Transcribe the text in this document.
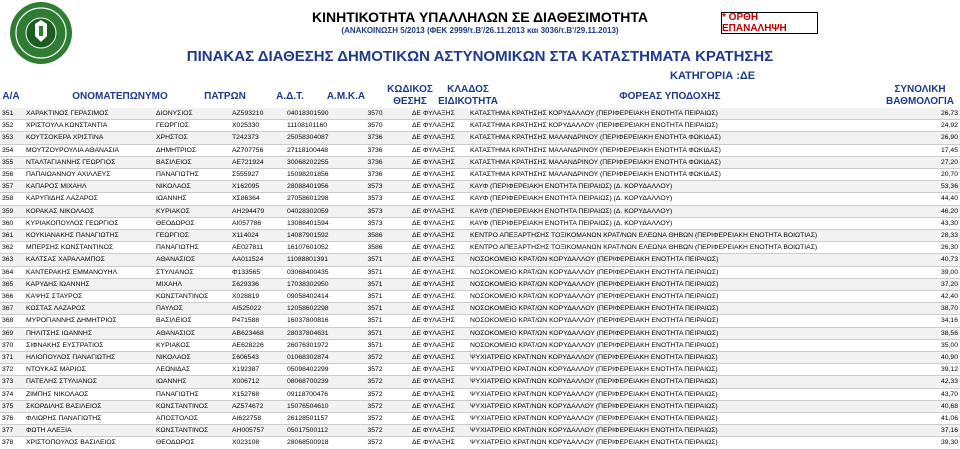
ΚΙΝΗΤΙΚΟΤΗΤΑ ΥΠΑΛΛΗΛΩΝ ΣΕ ΔΙΑΘΕΣΙΜΟΤΗΤΑ
(ΑΝΑΚΟΙΝΩΣΗ 5/2013 (ΦΕΚ 2999/τ.Β'/26.11.2013 και 3036/τ.Β'/29.11.2013)
* ΟΡΘΗ ΕΠΑΝΑΛΗΨΗ
ΠΙΝΑΚΑΣ ΔΙΑΘΕΣΗΣ ΔΗΜΟΤΙΚΩΝ ΑΣΤΥΝΟΜΙΚΩΝ ΣΤΑ ΚΑΤΑΣΤΗΜΑΤΑ ΚΡΑΤΗΣΗΣ
ΚΑΤΗΓΟΡΙΑ :ΔΕ
Α/Α	ΟΝΟΜΑΤΕΠΩΝΥΜΟ	ΠΑΤΡΩΝ	Α.Δ.Τ.	Α.Μ.Κ.Α
ΚΩΔΙΚΟΣ
ΘΕΣΗΣ
ΚΛΑΔΟΣ
ΕΙΔΙΚΟΤΗΤΑ	ΦΟΡΕΑΣ ΥΠΟΔΟΧΗΣ
ΣΥΝΟΛΙΚΗ
ΒΑΘΜΟΛΟΓΙΑ
351	ΧΑΡΑΚΤΙΝΟΣ ΓΕΡΑΣΙΜΟΣ	ΔΙΟΝΥΣΙΟΣ	ΑΖ593210	04018301590	3570	ΔΕ ΦΥΛΑΞΗΣ	ΚΑΤΑΣΤΗΜΑ ΚΡΑΤΗΣΗΣ ΚΟΡΥΔΑΛΛΟΥ (ΠΕΡΙΦΕΡΕΙΑΚΗ ΕΝΟΤΗΤΑ ΠΕΙΡΑΙΩΣ)	26,73
352	ΧΡΙΣΤΟΥΛΑ ΚΩΝΣΤΑΝΤΙΑ	ΓΕΩΡΓΙΟΣ	Χ025330	11108101160	3570	ΔΕ ΦΥΛΑΞΗΣ	ΚΑΤΑΣΤΗΜΑ ΚΡΑΤΗΣΗΣ ΚΟΡΥΔΑΛΛΟΥ (ΠΕΡΙΦΕΡΕΙΑΚΗ ΕΝΟΤΗΤΑ ΠΕΙΡΑΙΩΣ)	24,92
353	ΚΟΥΤΣΟΚΕΡΑ ΧΡΙΣΤΙΝΑ	ΧΡΗΣΤΟΣ	Τ242373	25058304087	3736	ΔΕ ΦΥΛΑΞΗΣ	ΚΑΤΑΣΤΗΜΑ ΚΡΑΤΗΣΗΣ ΜΑΛΑΝΔΡΙΝΟΥ (ΠΕΡΙΦΕΡΕΙΑΚΗ ΕΝΟΤΗΤΑ ΦΩΚΙΔΑΣ)	26,90
354	ΜΟΥΤΖΟΥΡΟΥΛΙΑ ΑΘΑΝΑΣΙΑ	ΔΗΜΗΤΡΙΟΣ	ΑΖ707756	27118100448	3736	ΔΕ ΦΥΛΑΞΗΣ	ΚΑΤΑΣΤΗΜΑ ΚΡΑΤΗΣΗΣ ΜΑΛΑΝΔΡΙΝΟΥ (ΠΕΡΙΦΕΡΕΙΑΚΗ ΕΝΟΤΗΤΑ ΦΩΚΙΔΑΣ)	17,45
355	ΝΤΑΛΤΑΓΙΑΝΝΗΣ ΓΕΩΡΓΙΟΣ	ΒΑΣΙΛΕΙΟΣ	ΑΕ721924	30068202255	3736	ΔΕ ΦΥΛΑΞΗΣ	ΚΑΤΑΣΤΗΜΑ ΚΡΑΤΗΣΗΣ ΜΑΛΑΝΔΡΙΝΟΥ (ΠΕΡΙΦΕΡΕΙΑΚΗ ΕΝΟΤΗΤΑ ΦΩΚΙΔΑΣ)	27,20
356	ΠΑΠΑΙΩΑΝΝΟΥ ΑΧΙΛΛΕΥΣ	ΠΑΝΑΓΙΩΤΗΣ	Σ555927	15098201856	3736	ΔΕ ΦΥΛΑΞΗΣ	ΚΑΤΑΣΤΗΜΑ ΚΡΑΤΗΣΗΣ ΜΑΛΑΝΔΡΙΝΟΥ (ΠΕΡΙΦΕΡΕΙΑΚΗ ΕΝΟΤΗΤΑ ΦΩΚΙΔΑΣ)	20,70
357	ΚΑΠΑΡΟΣ ΜΙΧΑΗΛ	ΝΙΚΟΛΑΟΣ	Χ162095	28088401956	3573	ΔΕ ΦΥΛΑΞΗΣ	ΚΑΥΦ (ΠΕΡΙΦΕΡΕΙΑΚΗ ΕΝΟΤΗΤΑ ΠΕΙΡΑΙΩΣ) (Δ. ΚΟΡΥΔΑΛΛΟΥ)	53,36
358	ΚΑΡΥΠΙΔΗΣ ΛΑΖΑΡΟΣ	ΙΩΑΝΝΗΣ	ΧΣ86364	27058601298	3573	ΔΕ ΦΥΛΑΞΗΣ	ΚΑΥΦ (ΠΕΡΙΦΕΡΕΙΑΚΗ ΕΝΟΤΗΤΑ ΠΕΙΡΑΙΩΣ) (Δ. ΚΟΡΥΔΑΛΛΟΥ)	44,40
359	ΚΟΡΑΚΑΣ ΝΙΚΟΛΑΟΣ	ΚΥΡΙΑΚΟΣ	ΑΗ294479	04028302059	3573	ΔΕ ΦΥΛΑΞΗΣ	ΚΑΥΦ (ΠΕΡΙΦΕΡΕΙΑΚΗ ΕΝΟΤΗΤΑ ΠΕΙΡΑΙΩΣ) (Δ. ΚΟΡΥΔΑΛΛΟΥ)	46,20
360	ΚΥΡΙΑΚΟΠΟΥΛΟΣ ΓΕΩΡΓΙΟΣ	ΘΕΟΔΩΡΟΣ	ΑΙ057786	13088401594	3573	ΔΕ ΦΥΛΑΞΗΣ	ΚΑΥΦ (ΠΕΡΙΦΕΡΕΙΑΚΗ ΕΝΟΤΗΤΑ ΠΕΙΡΑΙΩΣ) (Δ. ΚΟΡΥΔΑΛΛΟΥ)	43,30
361	ΚΟΥΚΙΑΝΑΚΗΣ ΠΑΝΑΓΙΩΤΗΣ	ΓΕΩΡΓΙΟΣ	Χ114024	14087901592	3586	ΔΕ ΦΥΛΑΞΗΣ	ΚΕΝΤΡΟ ΑΠΕΞΑΡΤΗΣΗΣ ΤΟΞΙΚΟΜΑΝΩΝ ΚΡΑΤ/ΝΩΝ ΕΛΕΩΝΑ ΘΗΒΩΝ (ΠΕΡΙΦΕΡΕΙΑΚΗ ΕΝΟΤΗΤΑ ΒΟΙΩΤΙΑΣ)	28,33
362	ΜΠΕΡΣΗΣ ΚΩΝΣΤΑΝΤΙΝΟΣ	ΠΑΝΑΓΙΩΤΗΣ	ΑΕ027811	16107601052	3586	ΔΕ ΦΥΛΑΞΗΣ	ΚΕΝΤΡΟ ΑΠΕΞΑΡΤΗΣΗΣ ΤΟΞΙΚΟΜΑΝΩΝ ΚΡΑΤ/ΝΩΝ ΕΛΕΩΝΑ ΘΗΒΩΝ (ΠΕΡΙΦΕΡΕΙΑΚΗ ΕΝΟΤΗΤΑ ΒΟΙΩΤΙΑΣ)	26,30
363	ΚΑΛΤΣΑΣ ΧΑΡΑΛΑΜΠΟΣ	ΑΘΑΝΑΣΙΟΣ	ΑΑ011524	11088801391	3571	ΔΕ ΦΥΛΑΞΗΣ	ΝΟΣΟΚΟΜΕΙΟ ΚΡΑΤ/ΩΝ ΚΟΡΥΔΑΛΛΟΥ (ΠΕΡΙΦΕΡΕΙΑΚΗ ΕΝΟΤΗΤΑ ΠΕΙΡΑΙΩΣ)	40,73
364	ΚΑΝΤΕΡΑΚΗΣ ΕΜΜΑΝΟΥΗΛ	ΣΤΥΛΙΑΝΟΣ	Φ133565	03068400435	3571	ΔΕ ΦΥΛΑΞΗΣ	ΝΟΣΟΚΟΜΕΙΟ ΚΡΑΤ/ΩΝ ΚΟΡΥΔΑΛΛΟΥ (ΠΕΡΙΦΕΡΕΙΑΚΗ ΕΝΟΤΗΤΑ ΠΕΙΡΑΙΩΣ)	39,00
365	ΚΑΡΥΔΗΣ ΙΩΑΝΝΗΣ	ΜΙΧΑΗΛ	Σ629336	17038302950	3571	ΔΕ ΦΥΛΑΞΗΣ	ΝΟΣΟΚΟΜΕΙΟ ΚΡΑΤ/ΩΝ ΚΟΡΥΔΑΛΛΟΥ (ΠΕΡΙΦΕΡΕΙΑΚΗ ΕΝΟΤΗΤΑ ΠΕΙΡΑΙΩΣ)	37,20
366	ΚΑΨΗΣ ΣΤΑΥΡΟΣ	ΚΩΝΣΤΑΝΤΙΝΟΣ	Χ028819	09058402414	3571	ΔΕ ΦΥΛΑΞΗΣ	ΝΟΣΟΚΟΜΕΙΟ ΚΡΑΤ/ΩΝ ΚΟΡΥΔΑΛΛΟΥ (ΠΕΡΙΦΕΡΕΙΑΚΗ ΕΝΟΤΗΤΑ ΠΕΙΡΑΙΩΣ)	42,40
367	ΚΩΣΤΑΣ ΛΑΖΑΡΟΣ	ΠΑΥΛΟΣ	ΑΙ525022	12058602298	3571	ΔΕ ΦΥΛΑΞΗΣ	ΝΟΣΟΚΟΜΕΙΟ ΚΡΑΤ/ΩΝ ΚΟΡΥΔΑΛΛΟΥ (ΠΕΡΙΦΕΡΕΙΑΚΗ ΕΝΟΤΗΤΑ ΠΕΙΡΑΙΩΣ)	38,70
368	ΜΥΡΟΓΙΑΝΝΗΣ ΔΗΜΗΤΡΙΟΣ	ΒΑΣΙΛΕΙΟΣ	Ρ471588	16037800816	3571	ΔΕ ΦΥΛΑΞΗΣ	ΝΟΣΟΚΟΜΕΙΟ ΚΡΑΤ/ΩΝ ΚΟΡΥΔΑΛΛΟΥ (ΠΕΡΙΦΕΡΕΙΑΚΗ ΕΝΟΤΗΤΑ ΠΕΙΡΑΙΩΣ)	34,16
369	ΠΗΛΙΤΣΗΣ ΙΩΑΝΝΗΣ	ΑΘΑΝΑΣΙΟΣ	ΑΒ623468	28037804631	3571	ΔΕ ΦΥΛΑΞΗΣ	ΝΟΣΟΚΟΜΕΙΟ ΚΡΑΤ/ΩΝ ΚΟΡΥΔΑΛΛΟΥ (ΠΕΡΙΦΕΡΕΙΑΚΗ ΕΝΟΤΗΤΑ ΠΕΙΡΑΙΩΣ)	38,56
370	ΣΙΦΝΑΚΗΣ ΕΥΣΤΡΑΤΙΟΣ	ΚΥΡΙΑΚΟΣ	ΑΕ628226	26076301972	3571	ΔΕ ΦΥΛΑΞΗΣ	ΝΟΣΟΚΟΜΕΙΟ ΚΡΑΤ/ΩΝ ΚΟΡΥΔΑΛΛΟΥ (ΠΕΡΙΦΕΡΕΙΑΚΗ ΕΝΟΤΗΤΑ ΠΕΙΡΑΙΩΣ)	35,00
371	ΗΛΙΟΠΟΥΛΟΣ ΠΑΝΑΓΙΩΤΗΣ	ΝΙΚΟΛΑΟΣ	Σ606543	01068302874	3572	ΔΕ ΦΥΛΑΞΗΣ	ΨΥΧΙΑΤΡΕΙΟ ΚΡΑΤ/ΝΩΝ ΚΟΡΥΔΑΛΛΟΥ (ΠΕΡΙΦΕΡΕΙΑΚΗ ΕΝΟΤΗΤΑ ΠΕΙΡΑΙΩΣ)	40,90
372	ΝΤΟΥΚΑΣ ΜΑΡΙΟΣ	ΛΕΩΝΙΔΑΣ	Χ192387	05098402299	3572	ΔΕ ΦΥΛΑΞΗΣ	ΨΥΧΙΑΤΡΕΙΟ ΚΡΑΤ/ΝΩΝ ΚΟΡΥΔΑΛΛΟΥ (ΠΕΡΙΦΕΡΕΙΑΚΗ ΕΝΟΤΗΤΑ ΠΕΙΡΑΙΩΣ)	39,12
373	ΠΑΤΕΛΗΣ ΣΤΥΛΙΑΝΟΣ	ΙΩΑΝΝΗΣ	Χ006712	08068700239	3572	ΔΕ ΦΥΛΑΞΗΣ	ΨΥΧΙΑΤΡΕΙΟ ΚΡΑΤ/ΝΩΝ ΚΟΡΥΔΑΛΛΟΥ (ΠΕΡΙΦΕΡΕΙΑΚΗ ΕΝΟΤΗΤΑ ΠΕΙΡΑΙΩΣ)	42,33
374	ΖΙΜΠΗΣ ΝΙΚΟΛΑΟΣ	ΠΑΝΑΓΙΩΤΗΣ	Χ152768	09118700476	3572	ΔΕ ΦΥΛΑΞΗΣ	ΨΥΧΙΑΤΡΕΙΟ ΚΡΑΤ/ΝΩΝ ΚΟΡΥΔΑΛΛΟΥ (ΠΕΡΙΦΕΡΕΙΑΚΗ ΕΝΟΤΗΤΑ ΠΕΙΡΑΙΩΣ)	43,70
375	ΣΚΟΡΔΙΛΗΣ ΒΑΣΙΛΕΙΟΣ	ΚΩΝΣΤΑΝΤΙΝΟΣ	ΑΖ574672	15076504610	3572	ΔΕ ΦΥΛΑΞΗΣ	ΨΥΧΙΑΤΡΕΙΟ ΚΡΑΤ/ΝΩΝ ΚΟΡΥΔΑΛΛΟΥ (ΠΕΡΙΦΕΡΕΙΑΚΗ ΕΝΟΤΗΤΑ ΠΕΙΡΑΙΩΣ)	40,68
376	ΦΛΙΩΡΗΣ ΠΑΝΑΓΙΩΤΗΣ	ΑΠΟΣΤΟΛΟΣ	ΑΙ622758	26128501157	3572	ΔΕ ΦΥΛΑΞΗΣ	ΨΥΧΙΑΤΡΕΙΟ ΚΡΑΤ/ΝΩΝ ΚΟΡΥΔΑΛΛΟΥ (ΠΕΡΙΦΕΡΕΙΑΚΗ ΕΝΟΤΗΤΑ ΠΕΙΡΑΙΩΣ)	41,06
377	ΦΩΤΗ ΑΛΕΞΙΑ	ΚΩΝΣΤΑΝΤΙΝΟΣ	ΑΗ005757	05017500112	3572	ΔΕ ΦΥΛΑΞΗΣ	ΨΥΧΙΑΤΡΕΙΟ ΚΡΑΤ/ΝΩΝ ΚΟΡΥΔΑΛΛΟΥ (ΠΕΡΙΦΕΡΕΙΑΚΗ ΕΝΟΤΗΤΑ ΠΕΙΡΑΙΩΣ)	37,16
378	ΧΡΙΣΤΟΠΟΥΛΟΣ ΒΑΣΙΛΕΙΟΣ	ΘΕΟΔΩΡΟΣ	Χ023108	28068500918	3572	ΔΕ ΦΥΛΑΞΗΣ	ΨΥΧΙΑΤΡΕΙΟ ΚΡΑΤ/ΝΩΝ ΚΟΡΥΔΑΛΛΟΥ (ΠΕΡΙΦΕΡΕΙΑΚΗ ΕΝΟΤΗΤΑ ΠΕΙΡΑΙΩΣ)	39,30
